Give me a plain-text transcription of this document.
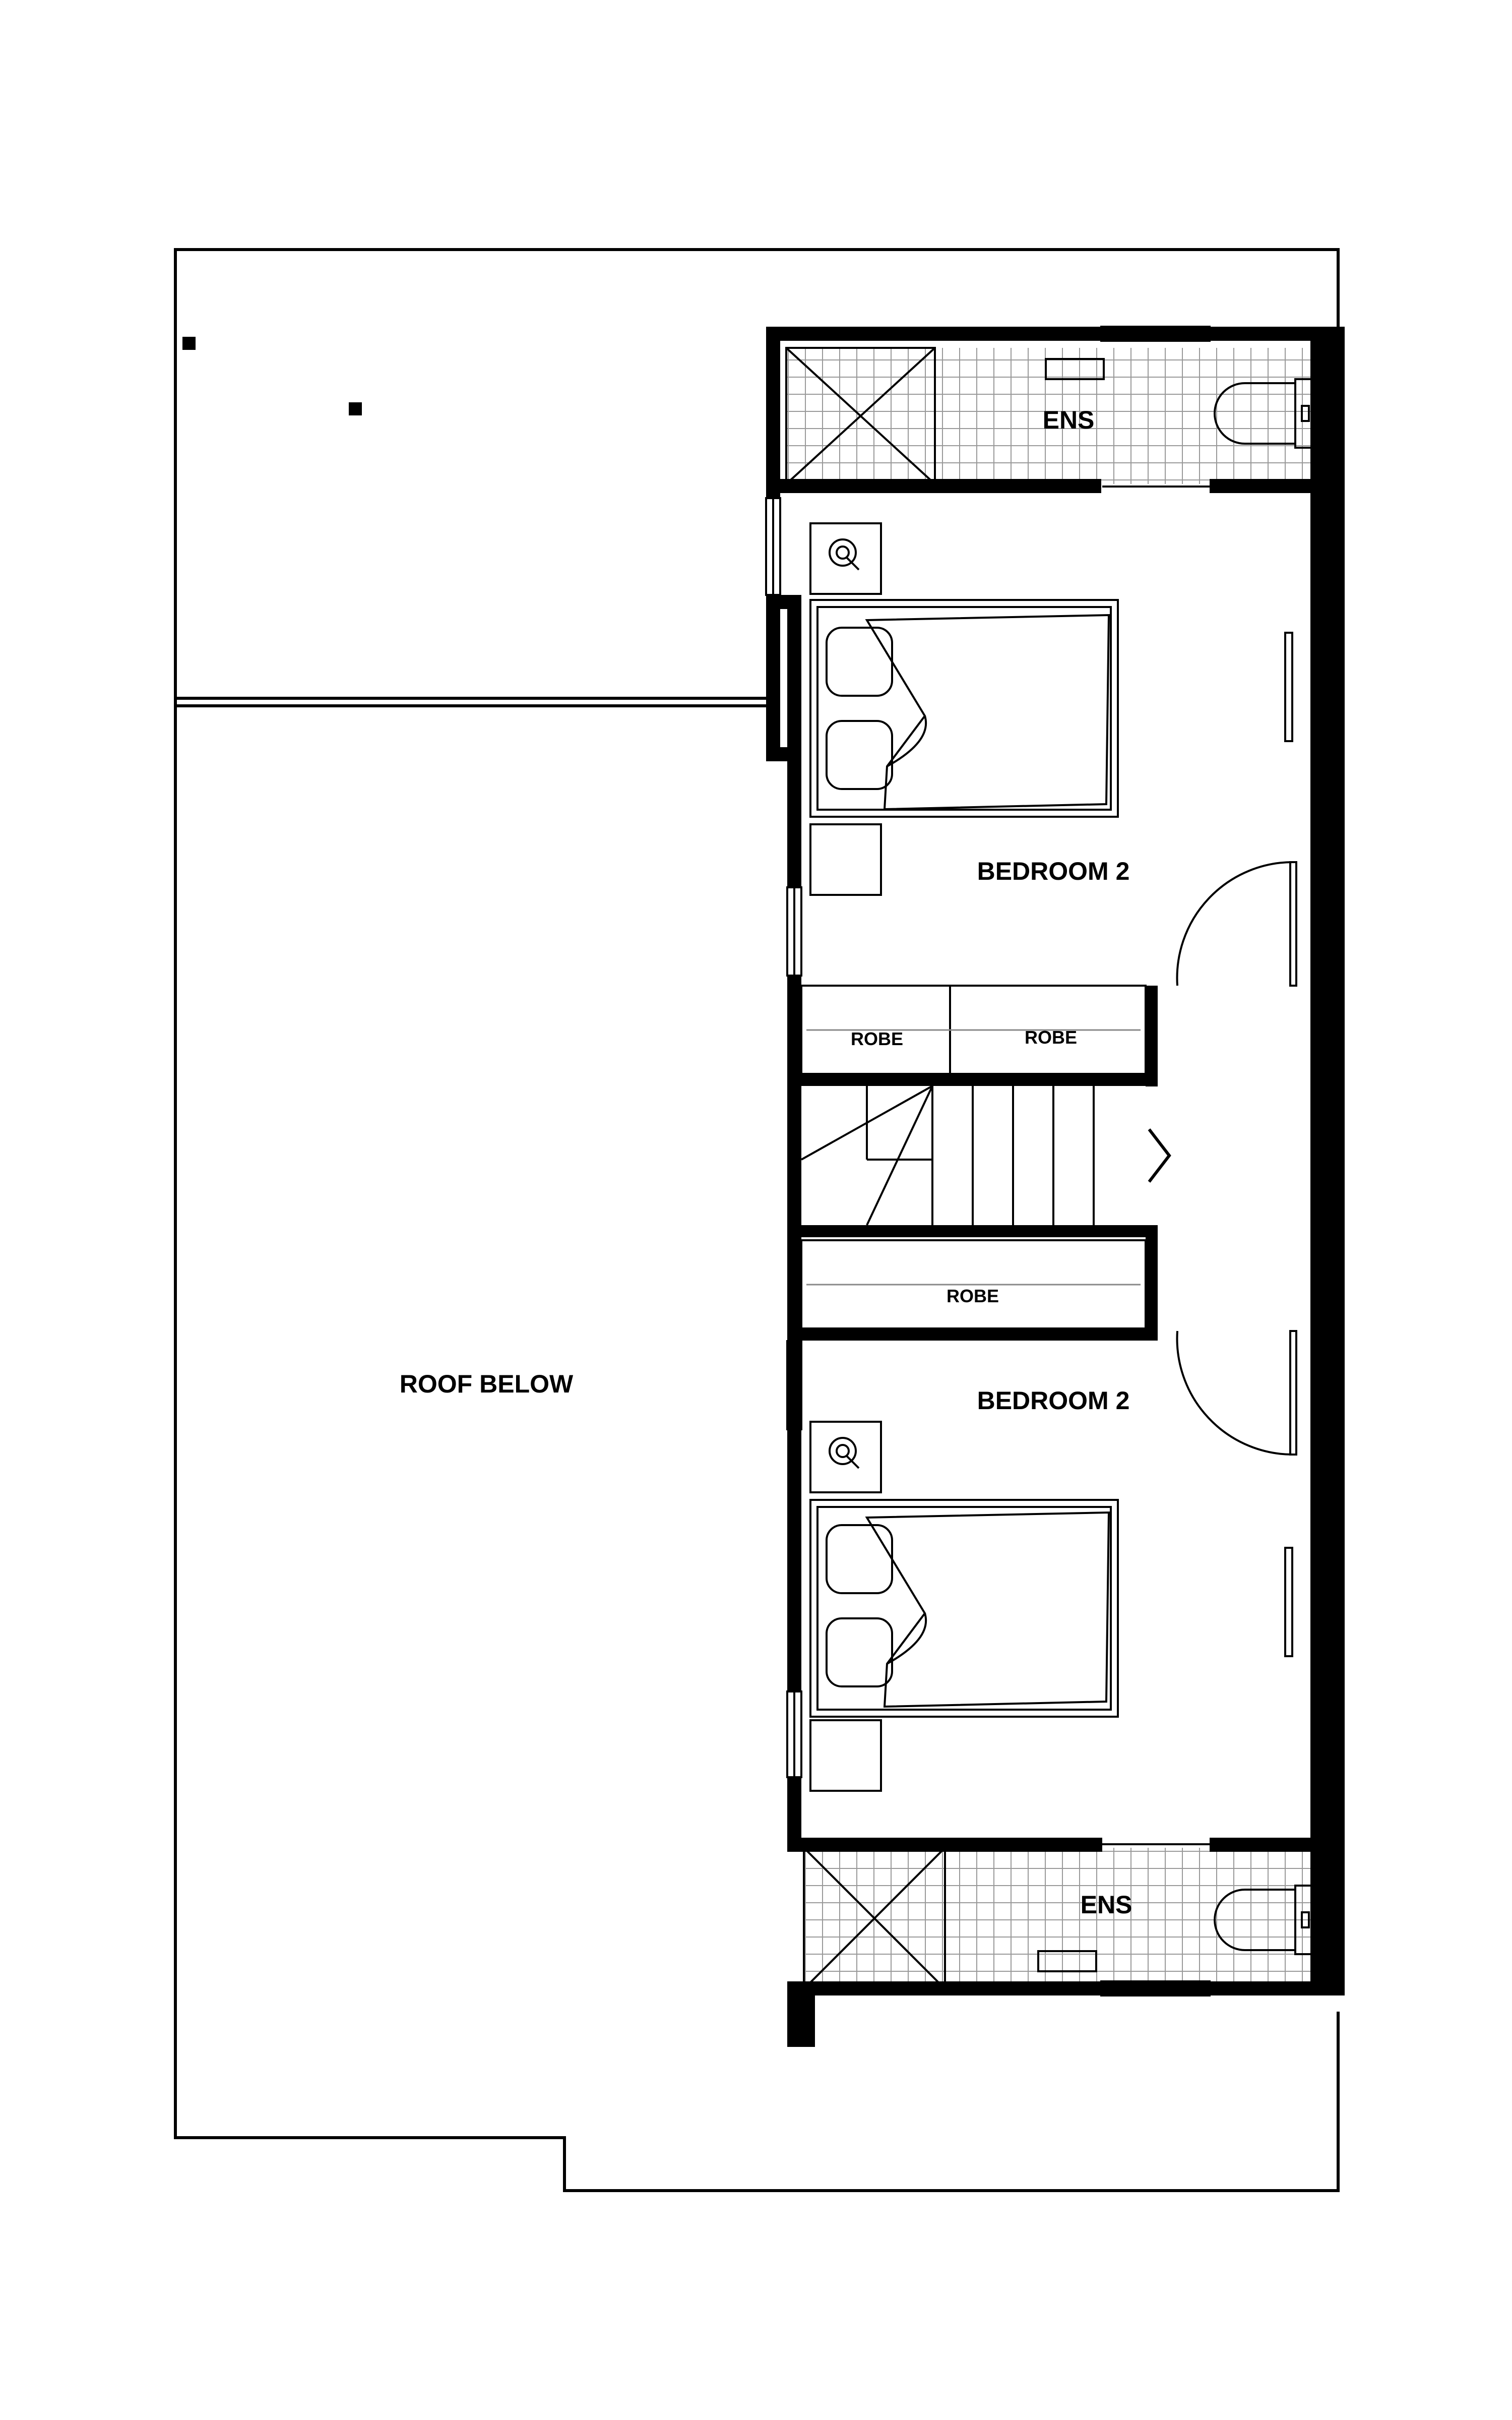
ROOF BELOW
BEDROOM 2
BEDROOM 2
ENS
ENS
ROBE	ROBE
ROBE
